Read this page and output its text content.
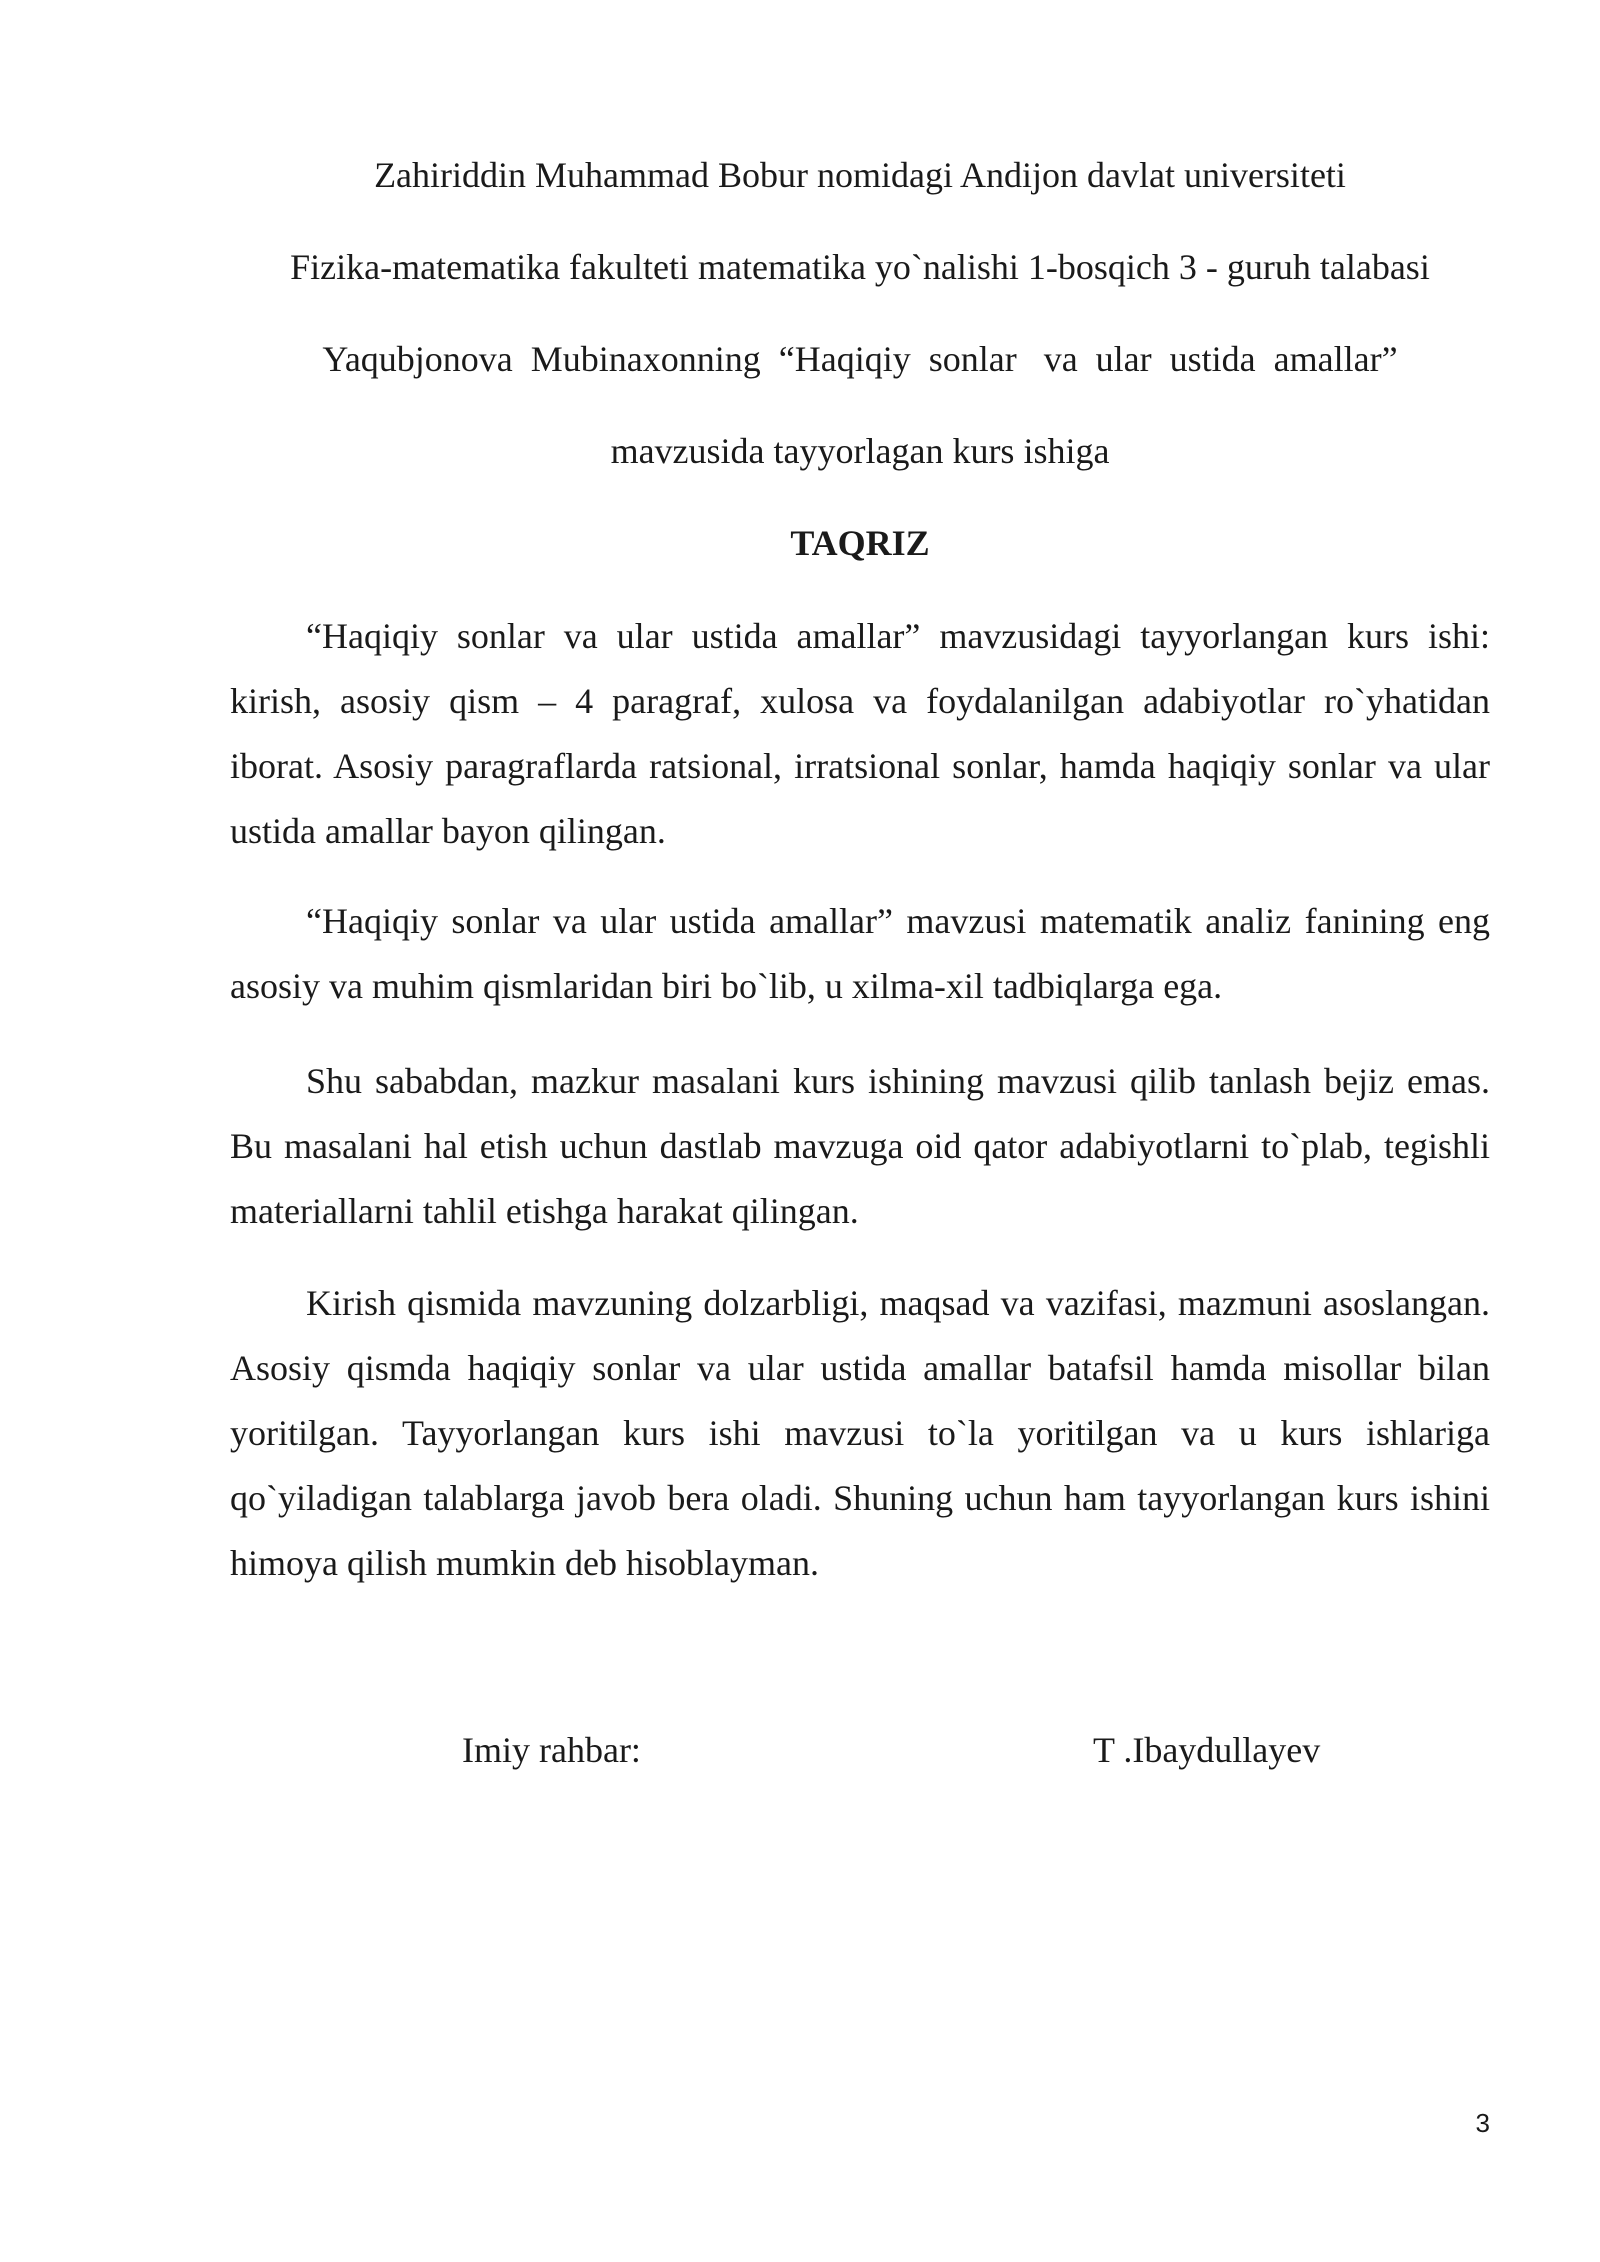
Zahiriddin Muhammad Bobur nomidagi Andijon davlat universiteti
Fizika-matematika fakulteti matematika yo`nalishi 1-bosqich 3 - guruh talabasi
Yaqubjonova  Mubinaxonning  “Haqiqiy  sonlar   va  ular  ustida  amallar”
mavzusida tayyorlagan kurs ishiga
TAQRIZ
“Haqiqiy sonlar va ular ustida amallar” mavzusidagi tayyorlangan kurs ishi: kirish, asosiy qism – 4 paragraf, xulosa va foydalanilgan adabiyotlar ro`yhatidan iborat. Asosiy paragraflarda ratsional, irratsional sonlar, hamda haqiqiy sonlar va ular ustida amallar bayon qilingan.
“Haqiqiy sonlar va ular ustida amallar” mavzusi matematik analiz fanining eng asosiy va muhim qismlaridan biri bo`lib, u xilma-xil tadbiqlarga ega.
Shu sababdan, mazkur masalani kurs ishining mavzusi qilib tanlash bejiz emas. Bu masalani hal etish uchun dastlab mavzuga oid qator adabiyotlarni to`plab, tegishli materiallarni tahlil etishga harakat qilingan.
Kirish qismida mavzuning dolzarbligi, maqsad va vazifasi, mazmuni asoslangan. Asosiy qismda haqiqiy sonlar va ular ustida amallar batafsil hamda misollar bilan yoritilgan. Tayyorlangan kurs ishi mavzusi to`la yoritilgan va u kurs ishlariga qo`yiladigan talablarga javob bera oladi. Shuning uchun ham tayyorlangan kurs ishini himoya qilish mumkin deb hisoblayman.
Imiy rahbar:	T .Ibaydullayev
3
